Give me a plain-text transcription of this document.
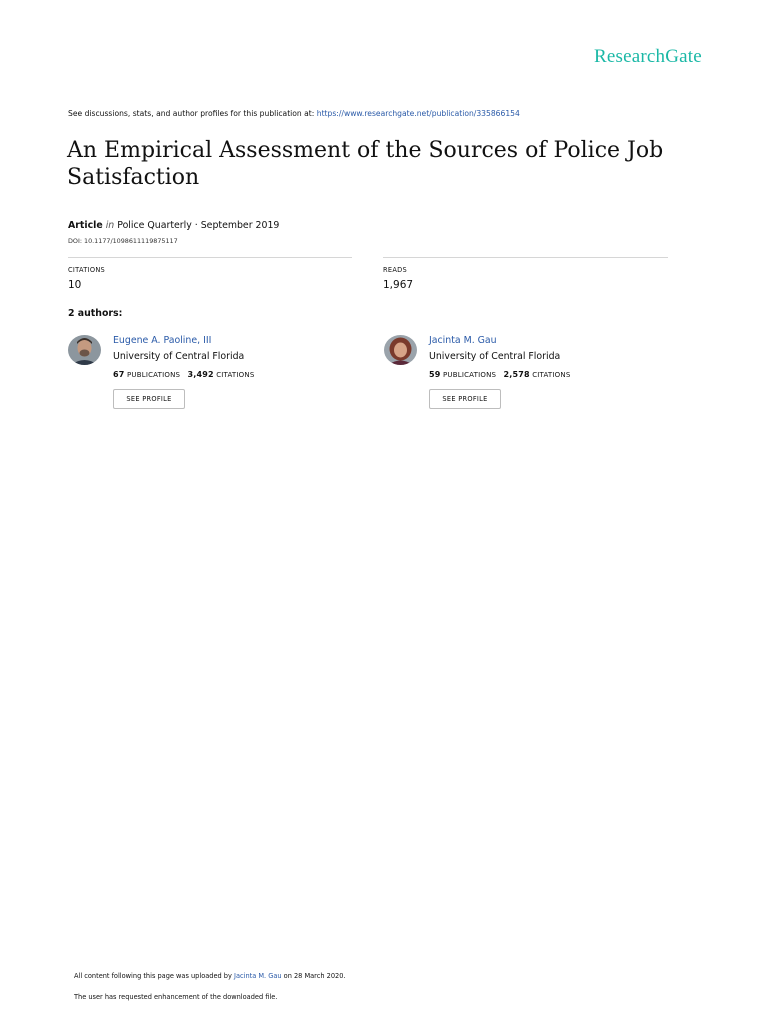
ResearchGate
See discussions, stats, and author profiles for this publication at: https://www.researchgate.net/publication/335866154
An Empirical Assessment of the Sources of Police Job Satisfaction
Article in Police Quarterly · September 2019
DOI: 10.1177/1098611119875117
CITATIONS
10
READS
1,967
2 authors:
Eugene A. Paoline, III
University of Central Florida
67 PUBLICATIONS 3,492 CITATIONS
SEE PROFILE
Jacinta M. Gau
University of Central Florida
59 PUBLICATIONS 2,578 CITATIONS
SEE PROFILE
All content following this page was uploaded by Jacinta M. Gau on 28 March 2020.
The user has requested enhancement of the downloaded file.
